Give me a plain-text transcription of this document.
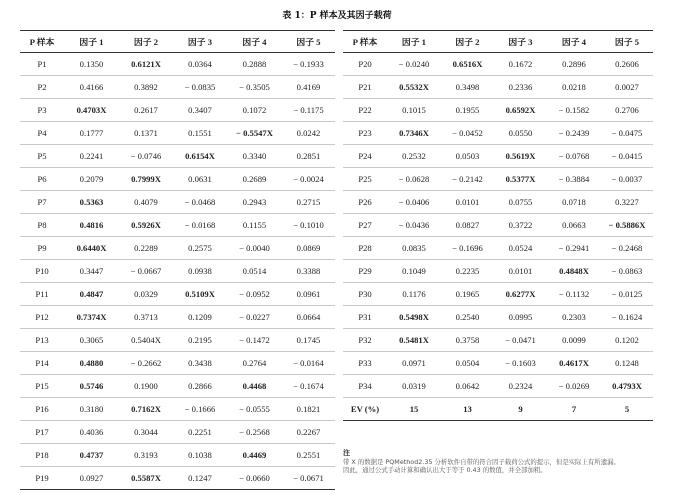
表 1：P 样本及其因子载荷
P 样本	因子 1	因子 2	因子 3	因子 4	因子 5
P1	0.1350	0.6121X	0.0364	0.2888	− 0.1933
P2	0.4166	0.3892	− 0.0835	− 0.3505	0.4169
P3	0.4703X	0.2617	0.3407	0.1072	− 0.1175
P4	0.1777	0.1371	0.1551	− 0.5547X	0.0242
P5	0.2241	− 0.0746	0.6154X	0.3340	0.2851
P6	0.2079	0.7999X	0.0631	0.2689	− 0.0024
P7	0.5363	0.4079	− 0.0468	0.2943	0.2715
P8	0.4816	0.5926X	− 0.0168	0.1155	− 0.1010
P9	0.6440X	0.2289	0.2575	− 0.0040	0.0869
P10	0.3447	− 0.0667	0.0938	0.0514	0.3388
P11	0.4847	0.0329	0.5109X	− 0.0952	0.0961
P12	0.7374X	0.3713	0.1209	− 0.0227	0.0664
P13	0.3065	0.5404X	0.2195	− 0.1472	0.1745
P14	0.4880	− 0.2662	0.3438	0.2764	− 0.0164
P15	0.5746	0.1900	0.2866	0.4468	− 0.1674
P16	0.3180	0.7162X	− 0.1666	− 0.0555	0.1821
P17	0.4036	0.3044	0.2251	− 0.2568	0.2267
P18	0.4737	0.3193	0.1038	0.4469	0.2551
P19	0.0927	0.5587X	0.1247	− 0.0660	− 0.0671
P 样本	因子 1	因子 2	因子 3	因子 4	因子 5
P20	− 0.0240	0.6516X	0.1672	0.2896	0.2606
P21	0.5532X	0.3498	0.2336	0.0218	0.0027
P22	0.1015	0.1955	0.6592X	− 0.1582	0.2706
P23	0.7346X	− 0.0452	0.0550	− 0.2439	− 0.0475
P24	0.2532	0.0503	0.5619X	− 0.0768	− 0.0415
P25	− 0.0628	− 0.2142	0.5377X	− 0.3884	− 0.0037
P26	− 0.0406	0.0101	0.0755	0.0718	0.3227
P27	− 0.0436	0.0827	0.3722	0.0663	− 0.5886X
P28	0.0835	− 0.1696	0.0524	− 0.2941	− 0.2468
P29	0.1049	0.2235	0.0101	0.4848X	− 0.0863
P30	0.1176	0.1965	0.6277X	− 0.1132	− 0.0125
P31	0.5498X	0.2540	0.0995	0.2303	− 0.1624
P32	0.5481X	0.3758	− 0.0471	0.0099	0.1202
P33	0.0971	0.0504	− 0.1603	0.4617X	0.1248
P34	0.0319	0.0642	0.2324	− 0.0269	0.4793X
EV (%)	15	13	9	7	5
注
带 X 的数据是 PQMethod2.35 分析软件自带的符合因子载荷公式的提示，但是实际上有所遗漏。
因此，通过公式手动计算和确认出大于等于 0.43 的数值，并全部加粗。
